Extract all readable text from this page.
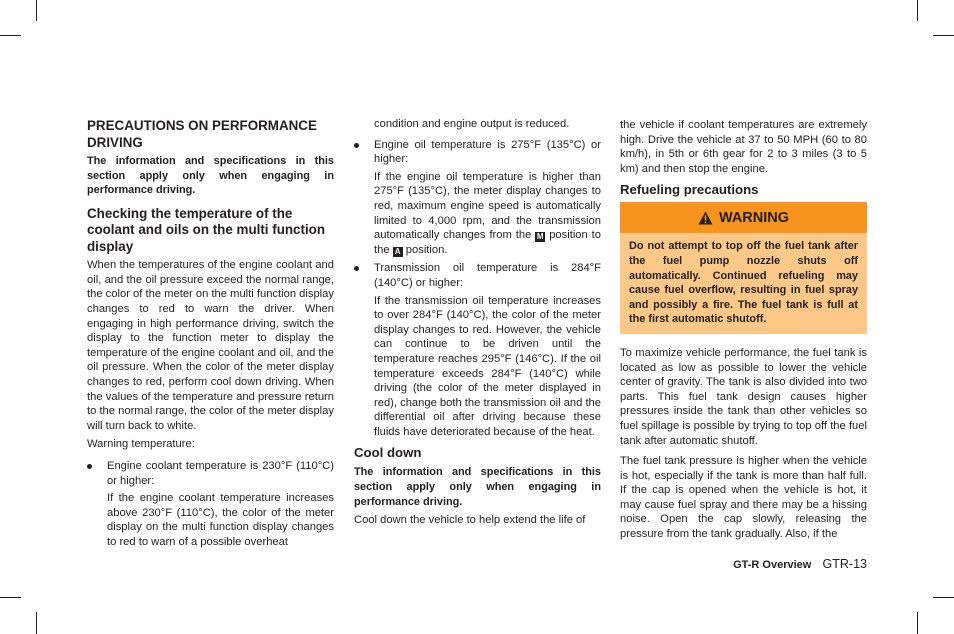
PRECAUTIONS ON PERFORMANCE DRIVING
The information and specifications in this section apply only when engaging in performance driving.
Checking the temperature of the coolant and oils on the multi function display

When the temperatures of the engine coolant and oil, and the oil pressure exceed the normal range, the color of the meter on the multi function display changes to red to warn the driver. When engaging in high performance driving, switch the display to the function meter to display the temperature of the engine coolant and oil, and the oil pressure. When the color of the meter display changes to red, perform cool down driving. When the values of the temperature and pressure return to the normal range, the color of the meter display will turn back to white.

Warning temperature:

Engine coolant temperature is 230°F (110°C) or higher:

If the engine coolant temperature increases above 230°F (110°C), the color of the meter display on the multi function display changes to red to warn of a possible overheat

condition and engine output is reduced.

Engine oil temperature is 275°F (135°C) or higher:

If the engine oil temperature is higher than 275°F (135°C), the meter display changes to red, maximum engine speed is automatically limited to 4,000 rpm, and the transmission automatically changes from the M position to the A position.

Transmission oil temperature is 284°F (140°C) or higher:

If the transmission oil temperature increases to over 284°F (140°C), the color of the meter display changes to red. However, the vehicle can continue to be driven until the temperature reaches 295°F (146°C). If the oil temperature exceeds 284°F (140°C) while driving (the color of the meter displayed in red), change both the transmission oil and the differential oil after driving because these fluids have deteriorated because of the heat.

Cool down
The information and specifications in this section apply only when engaging in performance driving.

Cool down the vehicle to help extend the life of

the vehicle if coolant temperatures are extremely high. Drive the vehicle at 37 to 50 MPH (60 to 80 km/h), in 5th or 6th gear for 2 to 3 miles (3 to 5 km) and then stop the engine.

Refueling precautions
WARNING
Do not attempt to top off the fuel tank after the fuel pump nozzle shuts off automatically. Continued refueling may cause fuel overflow, resulting in fuel spray and possibly a fire. The fuel tank is full at the first automatic shutoff.

To maximize vehicle performance, the fuel tank is located as low as possible to lower the vehicle center of gravity. The tank is also divided into two parts. This fuel tank design causes higher pressures inside the tank than other vehicles so fuel spillage is possible by trying to top off the fuel tank after automatic shutoff.

The fuel tank pressure is higher when the vehicle is hot, especially if the tank is more than half full. If the cap is opened when the vehicle is hot, it may cause fuel spray and there may be a hissing noise. Open the cap slowly, releasing the pressure from the tank gradually. Also, if the

GT-R Overview GTR-13
